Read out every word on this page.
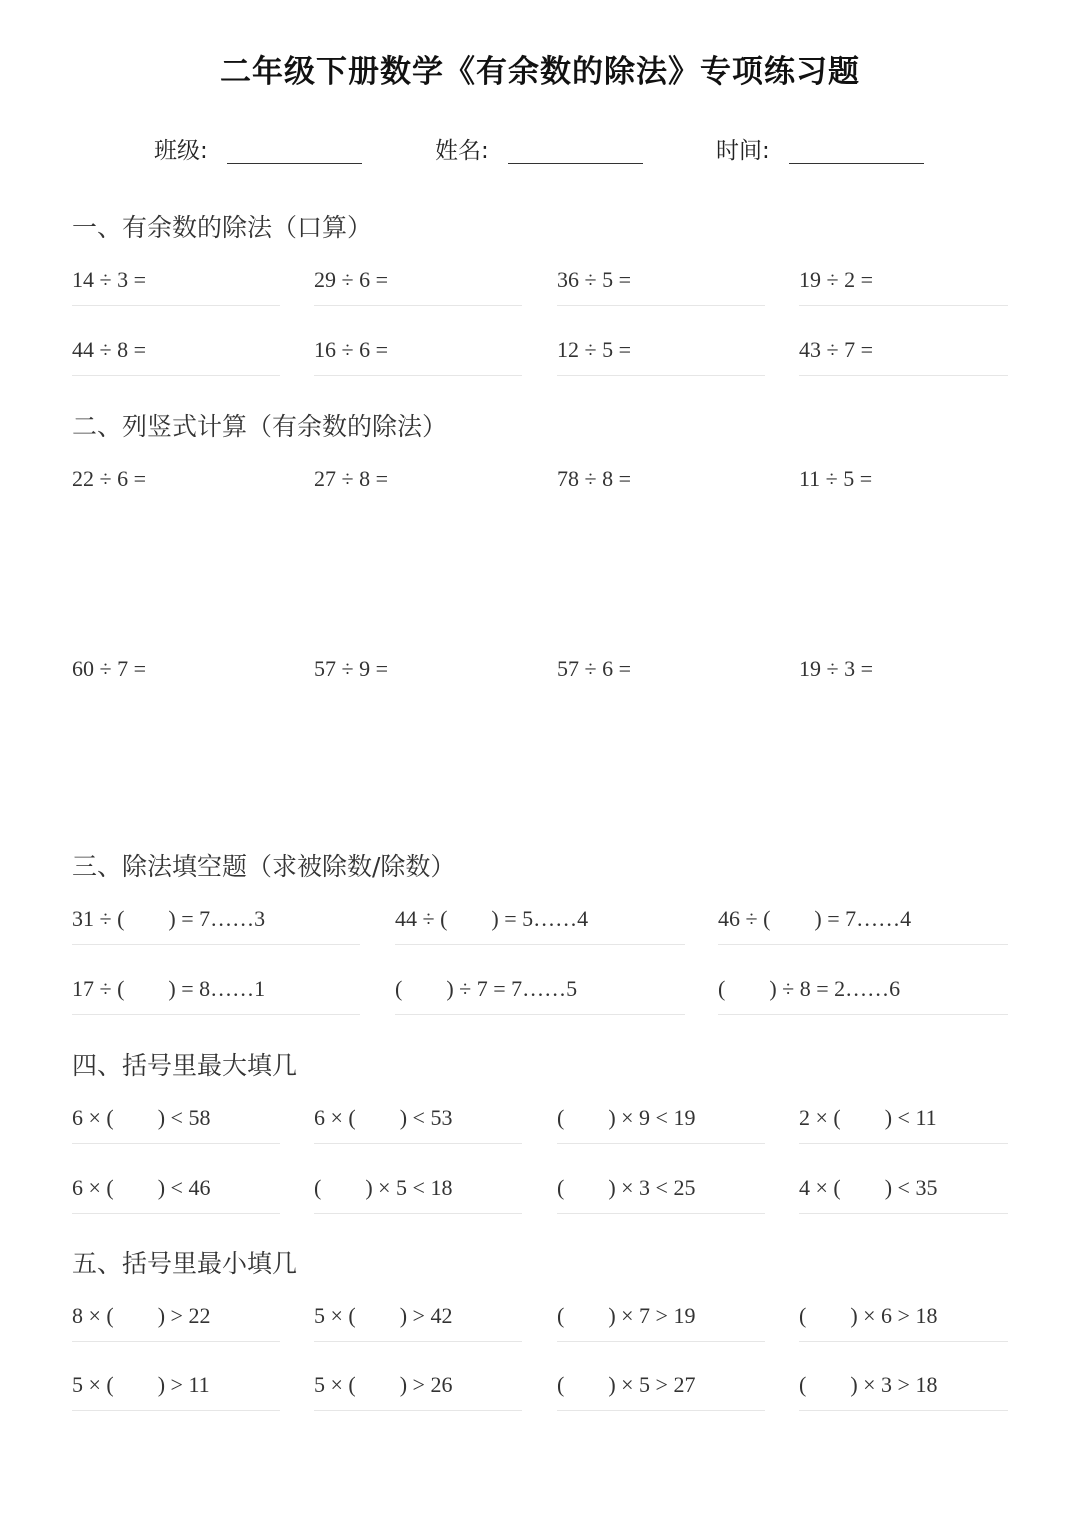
二年级下册数学《有余数的除法》专项练习题
班级:	姓名:	时间:
一、有余数的除法（口算）
14 ÷ 3 =	29 ÷ 6 =	36 ÷ 5 =	19 ÷ 2 =
44 ÷ 8 =	16 ÷ 6 =	12 ÷ 5 =	43 ÷ 7 =
二、列竖式计算（有余数的除法）
22 ÷ 6 =	27 ÷ 8 =	78 ÷ 8 =	11 ÷ 5 =
60 ÷ 7 =	57 ÷ 9 =	57 ÷ 6 =	19 ÷ 3 =
三、除法填空题（求被除数/除数）
31 ÷ (        ) = 7……3	44 ÷ (        ) = 5……4	46 ÷ (        ) = 7……4
17 ÷ (        ) = 8……1	(        ) ÷ 7 = 7……5	(        ) ÷ 8 = 2……6
四、括号里最大填几
6 × (        ) < 58	6 × (        ) < 53	(        ) × 9 < 19	2 × (        ) < 11
6 × (        ) < 46	(        ) × 5 < 18	(        ) × 3 < 25	4 × (        ) < 35
五、括号里最小填几
8 × (        ) > 22	5 × (        ) > 42	(        ) × 7 > 19	(        ) × 6 > 18
5 × (        ) > 11	5 × (        ) > 26	(        ) × 5 > 27	(        ) × 3 > 18
